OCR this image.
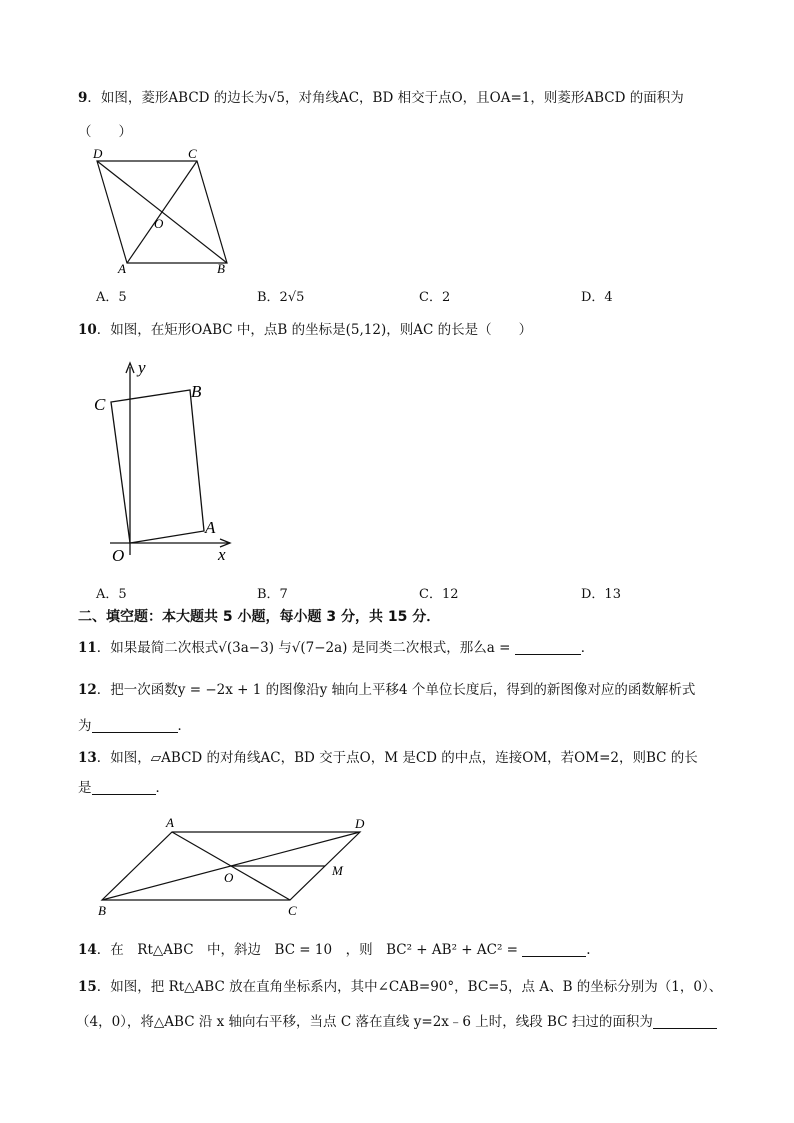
9．如图，菱形ABCD 的边长为√5，对角线AC，BD 相交于点O，且OA=1，则菱形ABCD 的面积为
（　　）
D	C
O
A	B
A．5	B．2√5	C．2	D．4
10．如图，在矩形OABC 中，点B 的坐标是(5,12)，则AC 的长是（　　）
y
x
C
B
A
O
A．5	B．7	C．12	D．13
二、填空题：本大题共 5 小题，每小题 3 分，共 15 分．
11．如果最简二次根式√(3a−3) 与√(7−2a) 是同类二次根式，那么a =	．
12．把一次函数y = −2x + 1 的图像沿y 轴向上平移4 个单位长度后，得到的新图像对应的函数解析式
为	．
13．如图，▱ABCD 的对角线AC，BD 交于点O，M 是CD 的中点，连接OM，若OM=2，则BC 的长
是	．
A	D
O	M
B	C
14．在　Rt△ABC　中，斜边　BC = 10　，则　BC² + AB² + AC² =	.
15．如图，把 Rt△ABC 放在直角坐标系内，其中∠CAB=90°，BC=5，点 A、B 的坐标分别为（1，0）、
（4，0），将△ABC 沿 x 轴向右平移，当点 C 落在直线 y=2x﹣6 上时，线段 BC 扫过的面积为
